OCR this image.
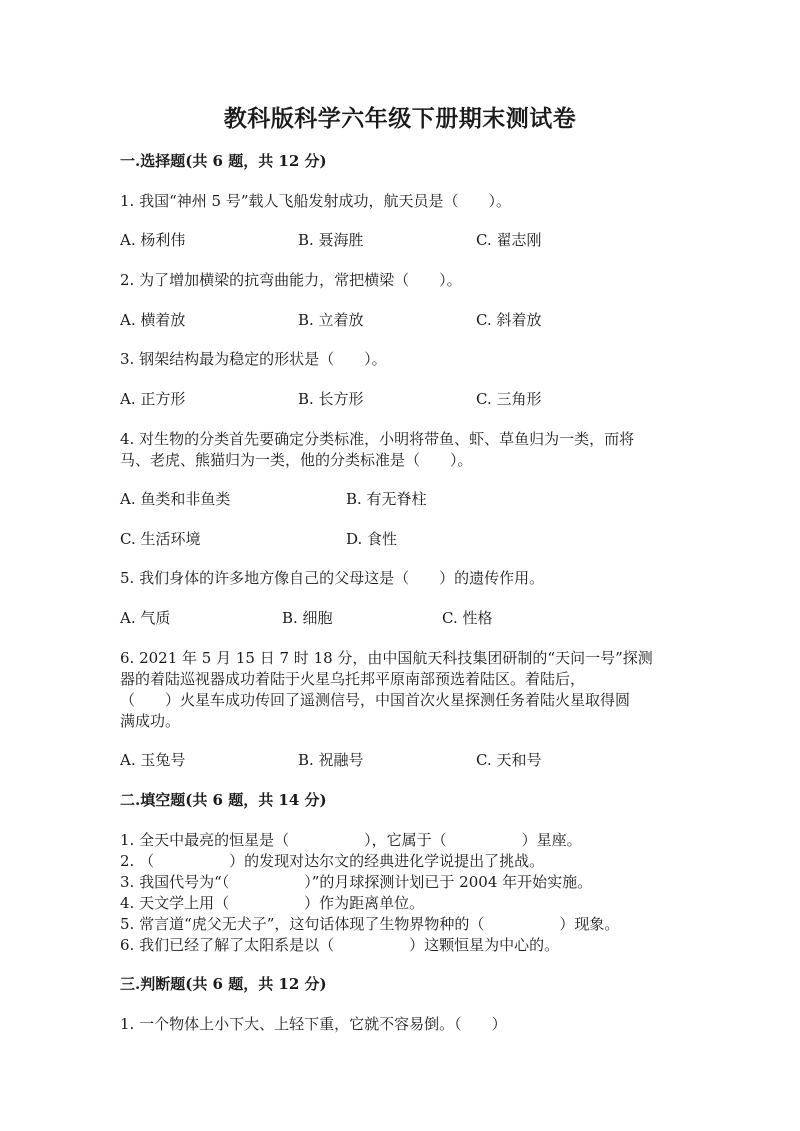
教科版科学六年级下册期末测试卷
一.选择题(共 6 题，共 12 分)
1. 我国“神州 5 号”载人飞船发射成功，航天员是（　　）。
A. 杨利伟	B. 聂海胜	C. 翟志刚
2. 为了增加横梁的抗弯曲能力，常把横梁（　　）。
A. 横着放	B. 立着放	C. 斜着放
3. 钢架结构最为稳定的形状是（　　）。
A. 正方形	B. 长方形	C. 三角形
4. 对生物的分类首先要确定分类标准，小明将带鱼、虾、草鱼归为一类，而将
马、老虎、熊猫归为一类，他的分类标准是（　　）。
A. 鱼类和非鱼类	B. 有无脊柱
C. 生活环境	D. 食性
5. 我们身体的许多地方像自己的父母这是（　　）的遗传作用。
A. 气质	B. 细胞	C. 性格
6. 2021 年 5 月 15 日 7 时 18 分，由中国航天科技集团研制的“天问一号”探测
器的着陆巡视器成功着陆于火星乌托邦平原南部预选着陆区。着陆后，
（　　）火星车成功传回了遥测信号，中国首次火星探测任务着陆火星取得圆
满成功。
A. 玉兔号	B. 祝融号	C. 天和号
二.填空题(共 6 题，共 14 分)
1. 全天中最亮的恒星是（　　　　　），它属于（　　　　　）星座。
2. （　　　　　）的发现对达尔文的经典进化学说提出了挑战。
3. 我国代号为“（　　　　　）”的月球探测计划已于 2004 年开始实施。
4. 天文学上用（　　　　　）作为距离单位。
5. 常言道“虎父无犬子”，这句话体现了生物界物种的（　　　　　）现象。
6. 我们已经了解了太阳系是以（　　　　　）这颗恒星为中心的。
三.判断题(共 6 题，共 12 分)
1. 一个物体上小下大、上轻下重，它就不容易倒。（　　）
